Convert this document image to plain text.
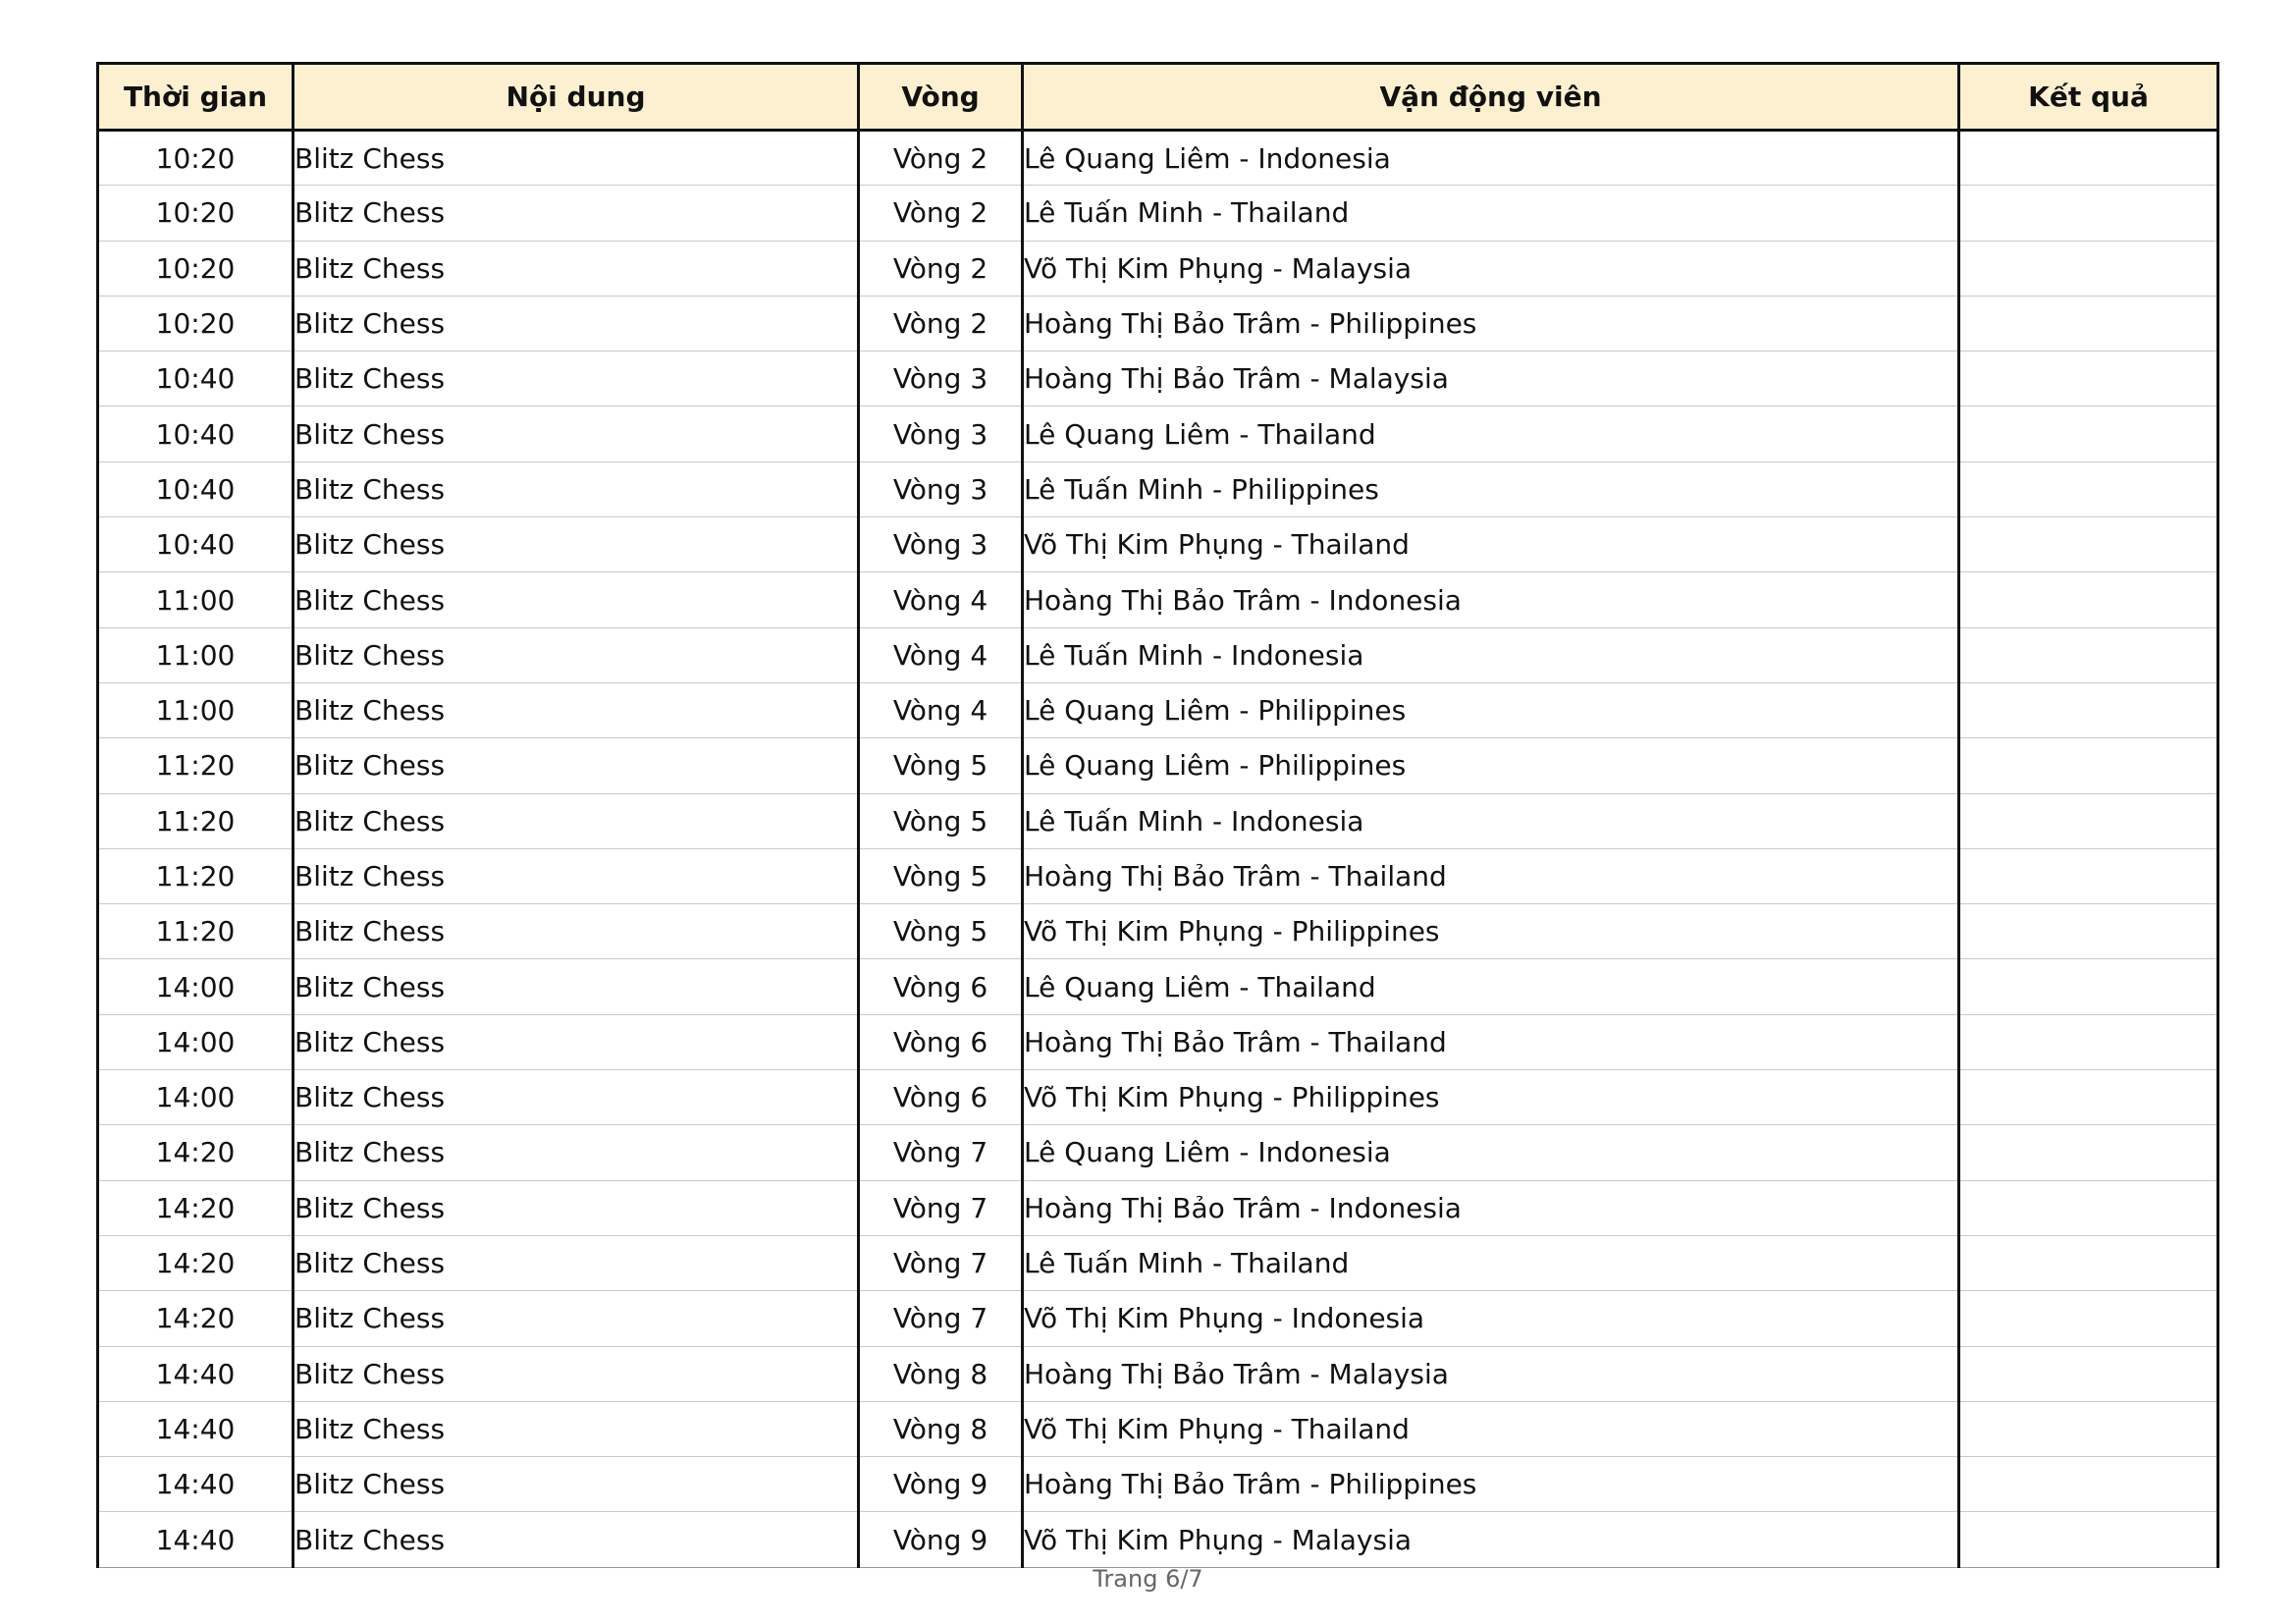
Thời gian	Nội dung	Vòng	Vận động viên	Kết quả
10:20	Blitz Chess	Vòng 2	Lê Quang Liêm - Indonesia	
10:20	Blitz Chess	Vòng 2	Lê Tuấn Minh - Thailand	
10:20	Blitz Chess	Vòng 2	Võ Thị Kim Phụng - Malaysia	
10:20	Blitz Chess	Vòng 2	Hoàng Thị Bảo Trâm - Philippines	
10:40	Blitz Chess	Vòng 3	Hoàng Thị Bảo Trâm - Malaysia	
10:40	Blitz Chess	Vòng 3	Lê Quang Liêm - Thailand	
10:40	Blitz Chess	Vòng 3	Lê Tuấn Minh - Philippines	
10:40	Blitz Chess	Vòng 3	Võ Thị Kim Phụng - Thailand	
11:00	Blitz Chess	Vòng 4	Hoàng Thị Bảo Trâm - Indonesia	
11:00	Blitz Chess	Vòng 4	Lê Tuấn Minh - Indonesia	
11:00	Blitz Chess	Vòng 4	Lê Quang Liêm - Philippines	
11:20	Blitz Chess	Vòng 5	Lê Quang Liêm - Philippines	
11:20	Blitz Chess	Vòng 5	Lê Tuấn Minh - Indonesia	
11:20	Blitz Chess	Vòng 5	Hoàng Thị Bảo Trâm - Thailand	
11:20	Blitz Chess	Vòng 5	Võ Thị Kim Phụng - Philippines	
14:00	Blitz Chess	Vòng 6	Lê Quang Liêm - Thailand	
14:00	Blitz Chess	Vòng 6	Hoàng Thị Bảo Trâm - Thailand	
14:00	Blitz Chess	Vòng 6	Võ Thị Kim Phụng - Philippines	
14:20	Blitz Chess	Vòng 7	Lê Quang Liêm - Indonesia	
14:20	Blitz Chess	Vòng 7	Hoàng Thị Bảo Trâm - Indonesia	
14:20	Blitz Chess	Vòng 7	Lê Tuấn Minh - Thailand	
14:20	Blitz Chess	Vòng 7	Võ Thị Kim Phụng - Indonesia	
14:40	Blitz Chess	Vòng 8	Hoàng Thị Bảo Trâm - Malaysia	
14:40	Blitz Chess	Vòng 8	Võ Thị Kim Phụng - Thailand	
14:40	Blitz Chess	Vòng 9	Hoàng Thị Bảo Trâm - Philippines	
14:40	Blitz Chess	Vòng 9	Võ Thị Kim Phụng - Malaysia	
Trang 6/7
